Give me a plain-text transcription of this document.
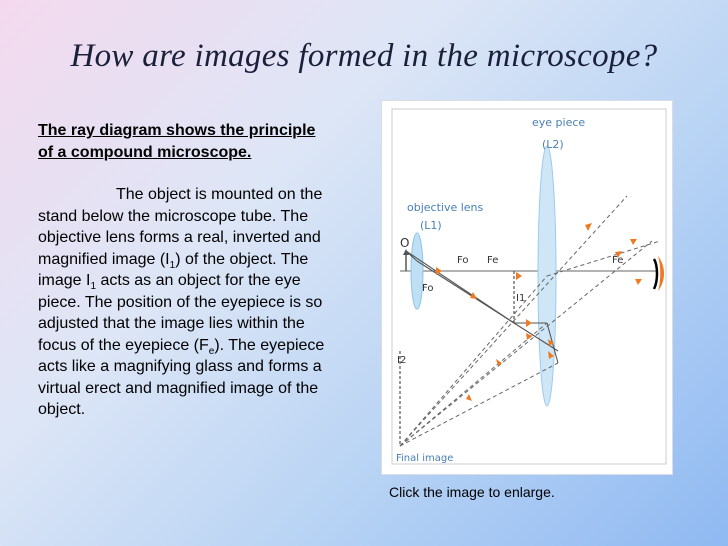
How are images formed in the microscope?

The ray diagram shows the principle of a compound microscope.

The object is mounted on the stand below the microscope tube. The objective lens forms a real, inverted and magnified image $(I_1)$ of the object. The image $I_1$ acts as an object for the eye piece. The position of the eyepiece is so adjusted that the image lies within the focus of the eyepiece $(F_e)$. The eyepiece acts like a magnifying glass and forms a virtual erect and magnified image of the object.

eye piece
(L2)
objective lens
(L1)
O
Fo Fe
Fo
Fe
I1
I2
Final image
Click the image to enlarge.
